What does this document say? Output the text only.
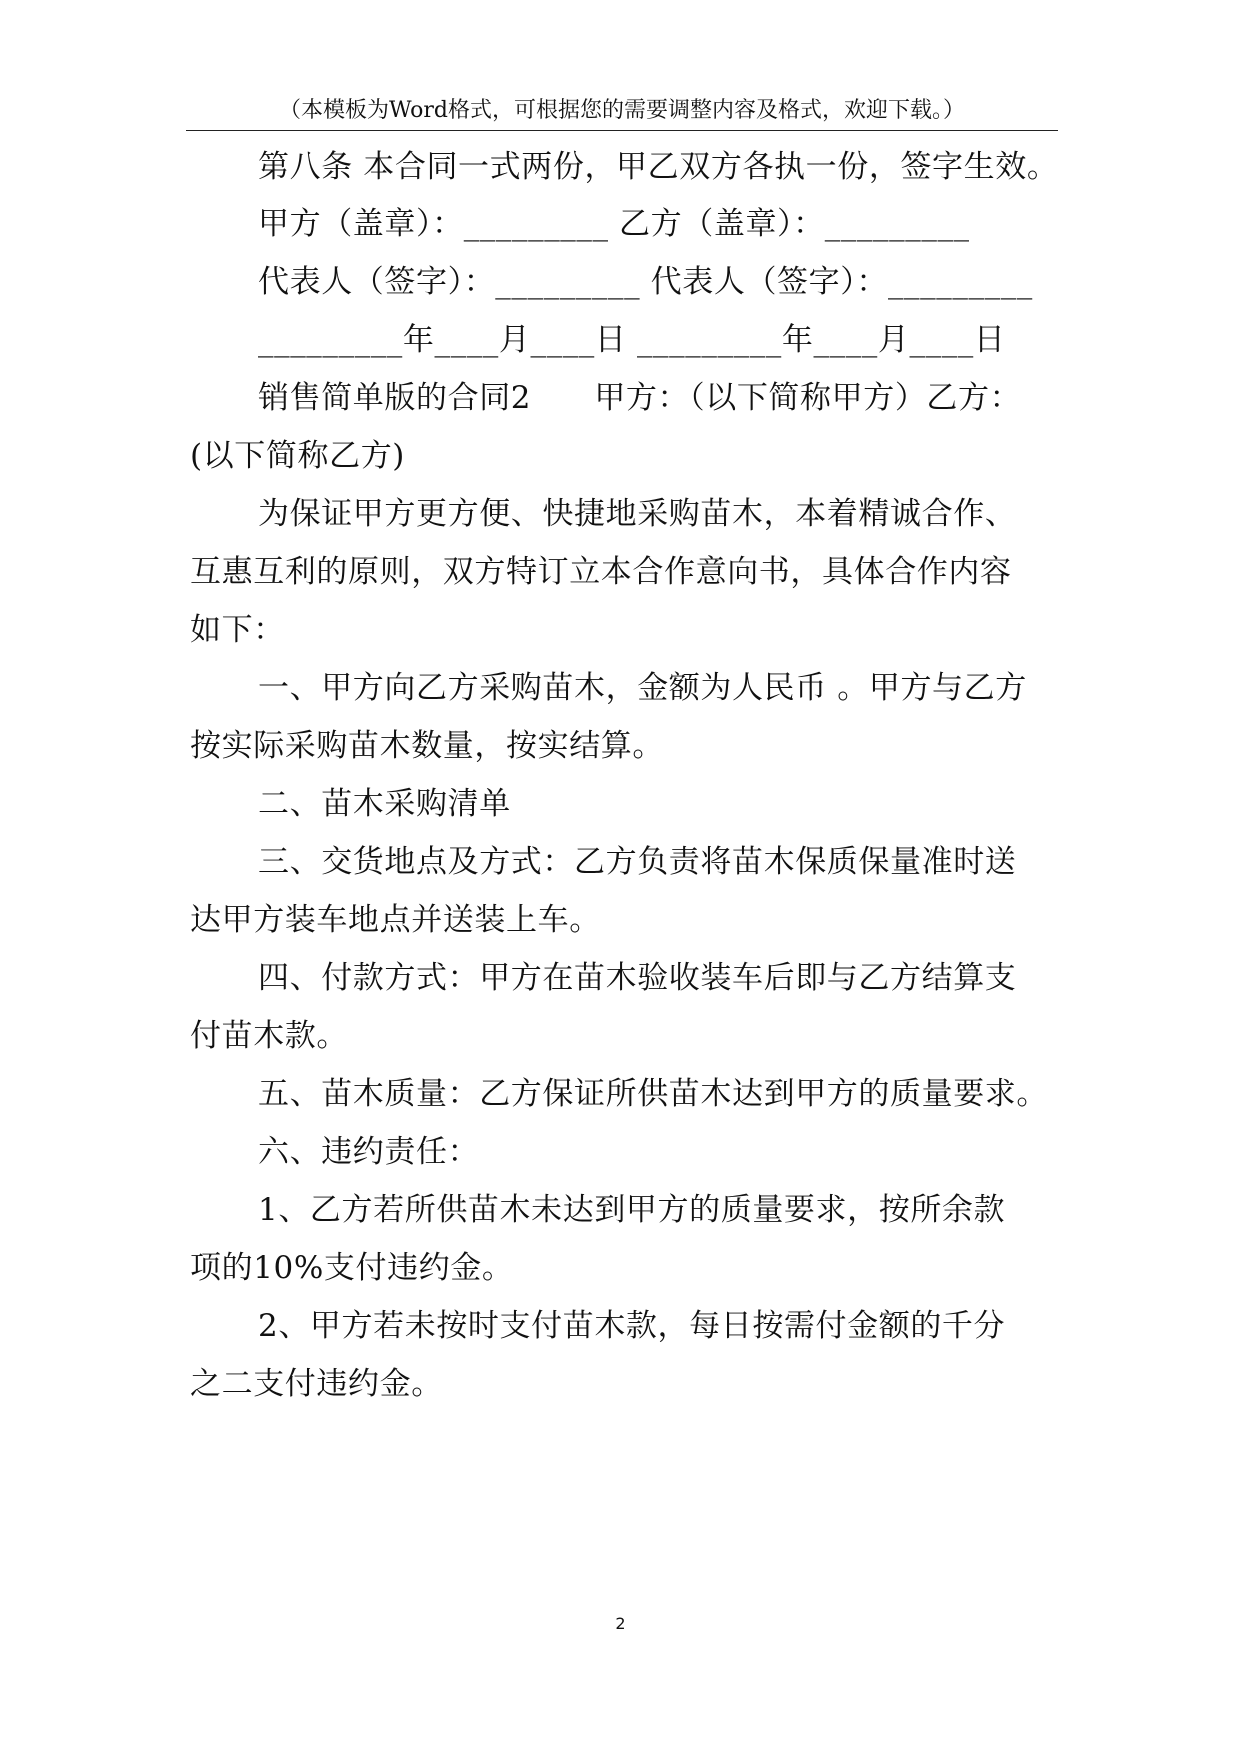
（本模板为Word格式，可根据您的需要调整内容及格式，欢迎下载。）
第八条 本合同一式两份，甲乙双方各执一份，签字生效。
甲方（盖章）：_________ 乙方（盖章）：_________
代表人（签字）：_________ 代表人（签字）：_________
_________年____月____日 _________年____月____日
销售简单版的合同2　　甲方：（以下简称甲方）乙方：
(以下简称乙方)
为保证甲方更方便、快捷地采购苗木，本着精诚合作、
互惠互利的原则，双方特订立本合作意向书，具体合作内容
如下：
一、甲方向乙方采购苗木，金额为人民币 。甲方与乙方
按实际采购苗木数量，按实结算。
二、苗木采购清单
三、交货地点及方式：乙方负责将苗木保质保量准时送
达甲方装车地点并送装上车。
四、付款方式：甲方在苗木验收装车后即与乙方结算支
付苗木款。
五、苗木质量：乙方保证所供苗木达到甲方的质量要求。
六、违约责任：
1、乙方若所供苗木未达到甲方的质量要求，按所余款
项的10%支付违约金。
2、甲方若未按时支付苗木款，每日按需付金额的千分
之二支付违约金。
2
